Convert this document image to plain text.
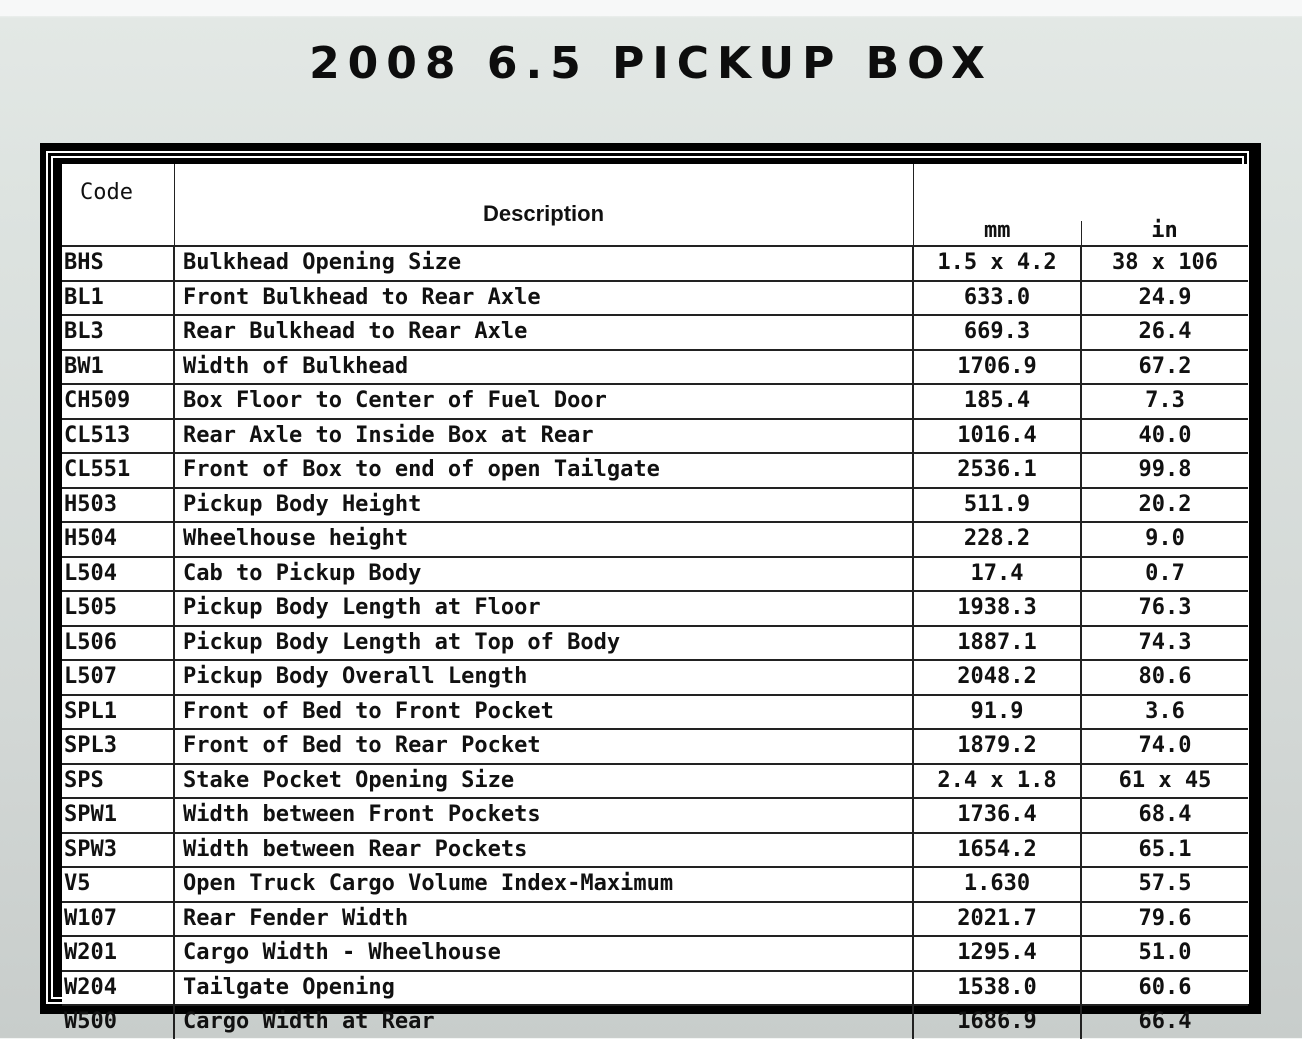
2008 6.5 PICKUP BOX
Code	Description	mm	in
BHS	Bulkhead Opening Size	1.5 x 4.2	38 x 106
BL1	Front Bulkhead to Rear Axle	633.0	24.9
BL3	Rear Bulkhead to Rear Axle	669.3	26.4
BW1	Width of Bulkhead	1706.9	67.2
CH509	Box Floor to Center of Fuel Door	185.4	7.3
CL513	Rear Axle to Inside Box at Rear	1016.4	40.0
CL551	Front of Box to end of open Tailgate	2536.1	99.8
H503	Pickup Body Height	511.9	20.2
H504	Wheelhouse height	228.2	9.0
L504	Cab to Pickup Body	17.4	0.7
L505	Pickup Body Length at Floor	1938.3	76.3
L506	Pickup Body Length at Top of Body	1887.1	74.3
L507	Pickup Body Overall Length	2048.2	80.6
SPL1	Front of Bed to Front Pocket	91.9	3.6
SPL3	Front of Bed to Rear Pocket	1879.2	74.0
SPS	Stake Pocket Opening Size	2.4 x 1.8	61 x 45
SPW1	Width between Front Pockets	1736.4	68.4
SPW3	Width between Rear Pockets	1654.2	65.1
V5	Open Truck Cargo Volume Index-Maximum	1.630	57.5
W107	Rear Fender Width	2021.7	79.6
W201	Cargo Width - Wheelhouse	1295.4	51.0
W204	Tailgate Opening	1538.0	60.6
W500	Cargo Width at Rear	1686.9	66.4
